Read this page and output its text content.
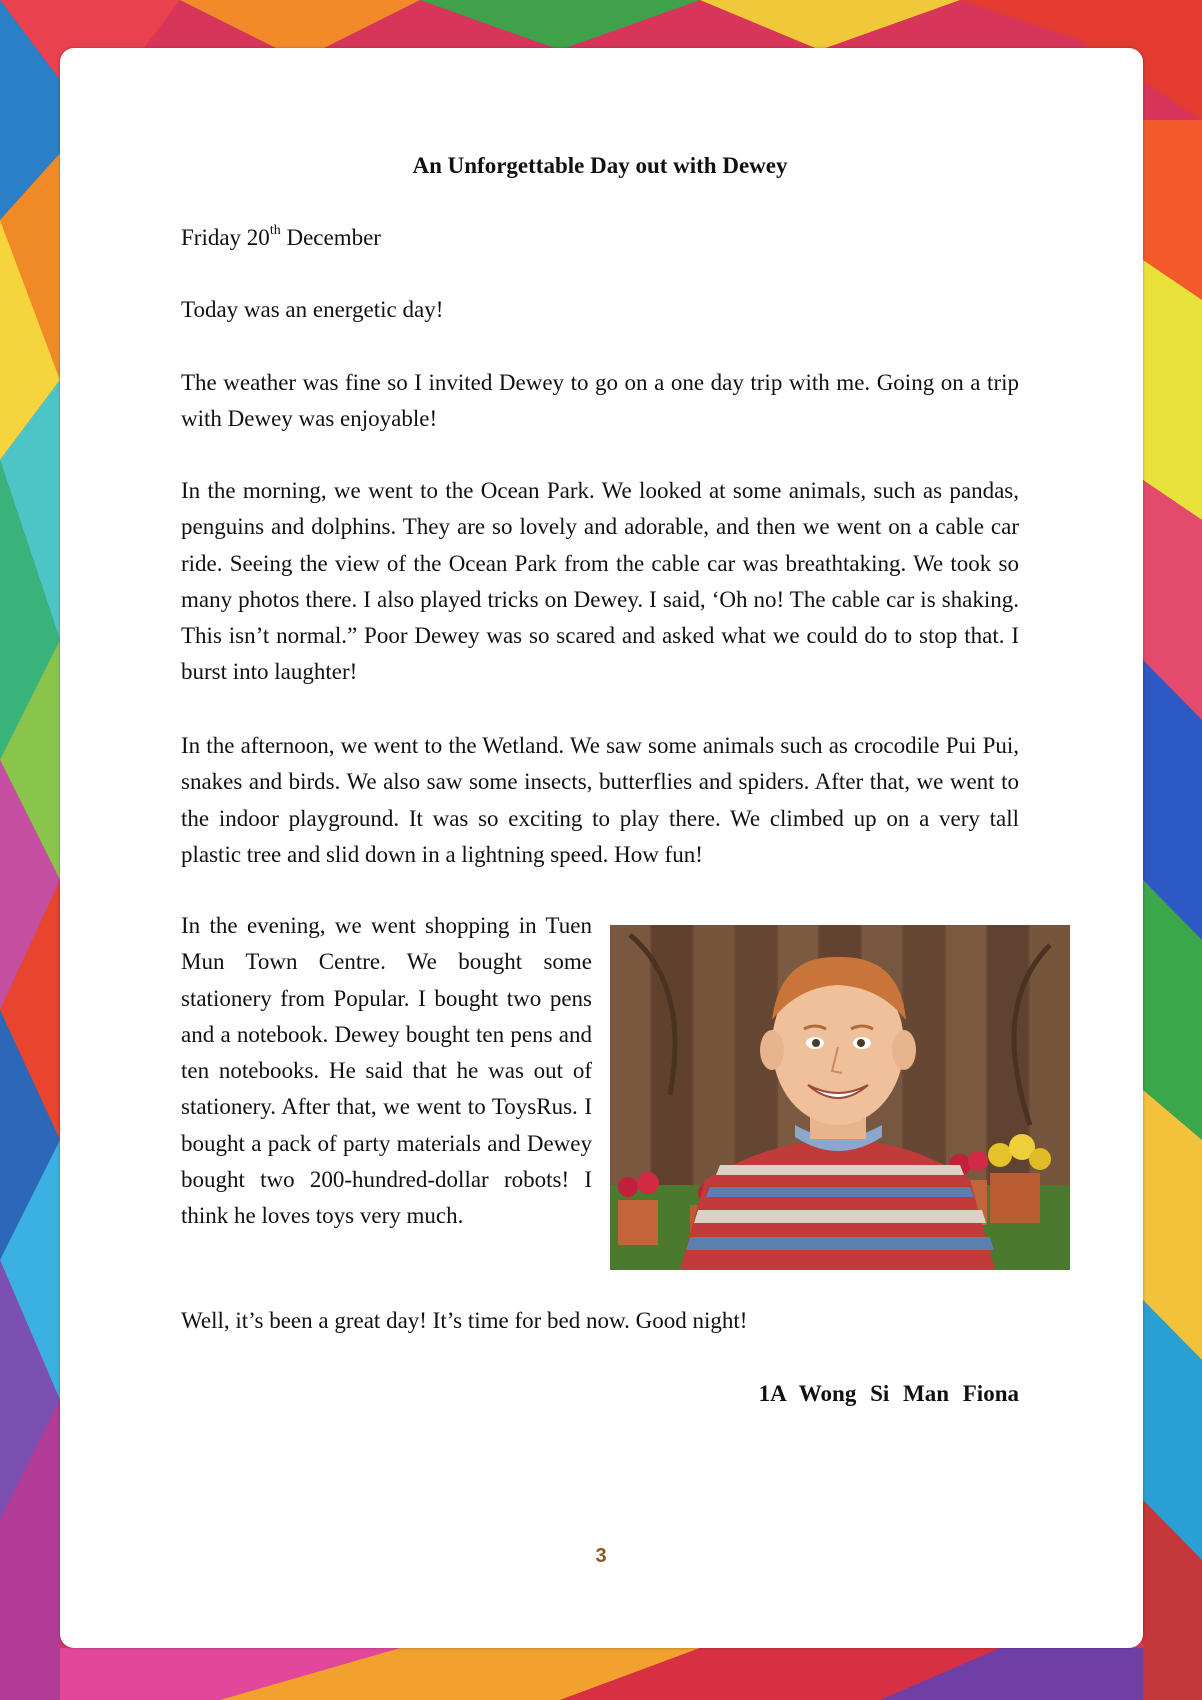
An Unforgettable Day out with Dewey

Friday 20th December

Today was an energetic day!

The weather was fine so I invited Dewey to go on a one day trip with me. Going on a trip with Dewey was enjoyable!

In the morning, we went to the Ocean Park. We looked at some animals, such as pandas, penguins and dolphins. They are so lovely and adorable, and then we went on a cable car ride. Seeing the view of the Ocean Park from the cable car was breathtaking. We took so many photos there. I also played tricks on Dewey. I said, ‘Oh no! The cable car is shaking. This isn’t normal.” Poor Dewey was so scared and asked what we could do to stop that. I burst into laughter!

In the afternoon, we went to the Wetland. We saw some animals such as crocodile Pui Pui, snakes and birds. We also saw some insects, butterflies and spiders. After that, we went to the indoor playground. It was so exciting to play there. We climbed up on a very tall plastic tree and slid down in a lightning speed. How fun!

In the evening, we went shopping in Tuen Mun Town Centre. We bought some stationery from Popular. I bought two pens and a notebook. Dewey bought ten pens and ten notebooks. He said that he was out of stationery. After that, we went to ToysRus. I bought a pack of party materials and Dewey bought two 200-hundred-dollar robots! I think he loves toys very much.

Well, it’s been a great day! It’s time for bed now. Good night!

1A Wong Si Man Fiona
3
